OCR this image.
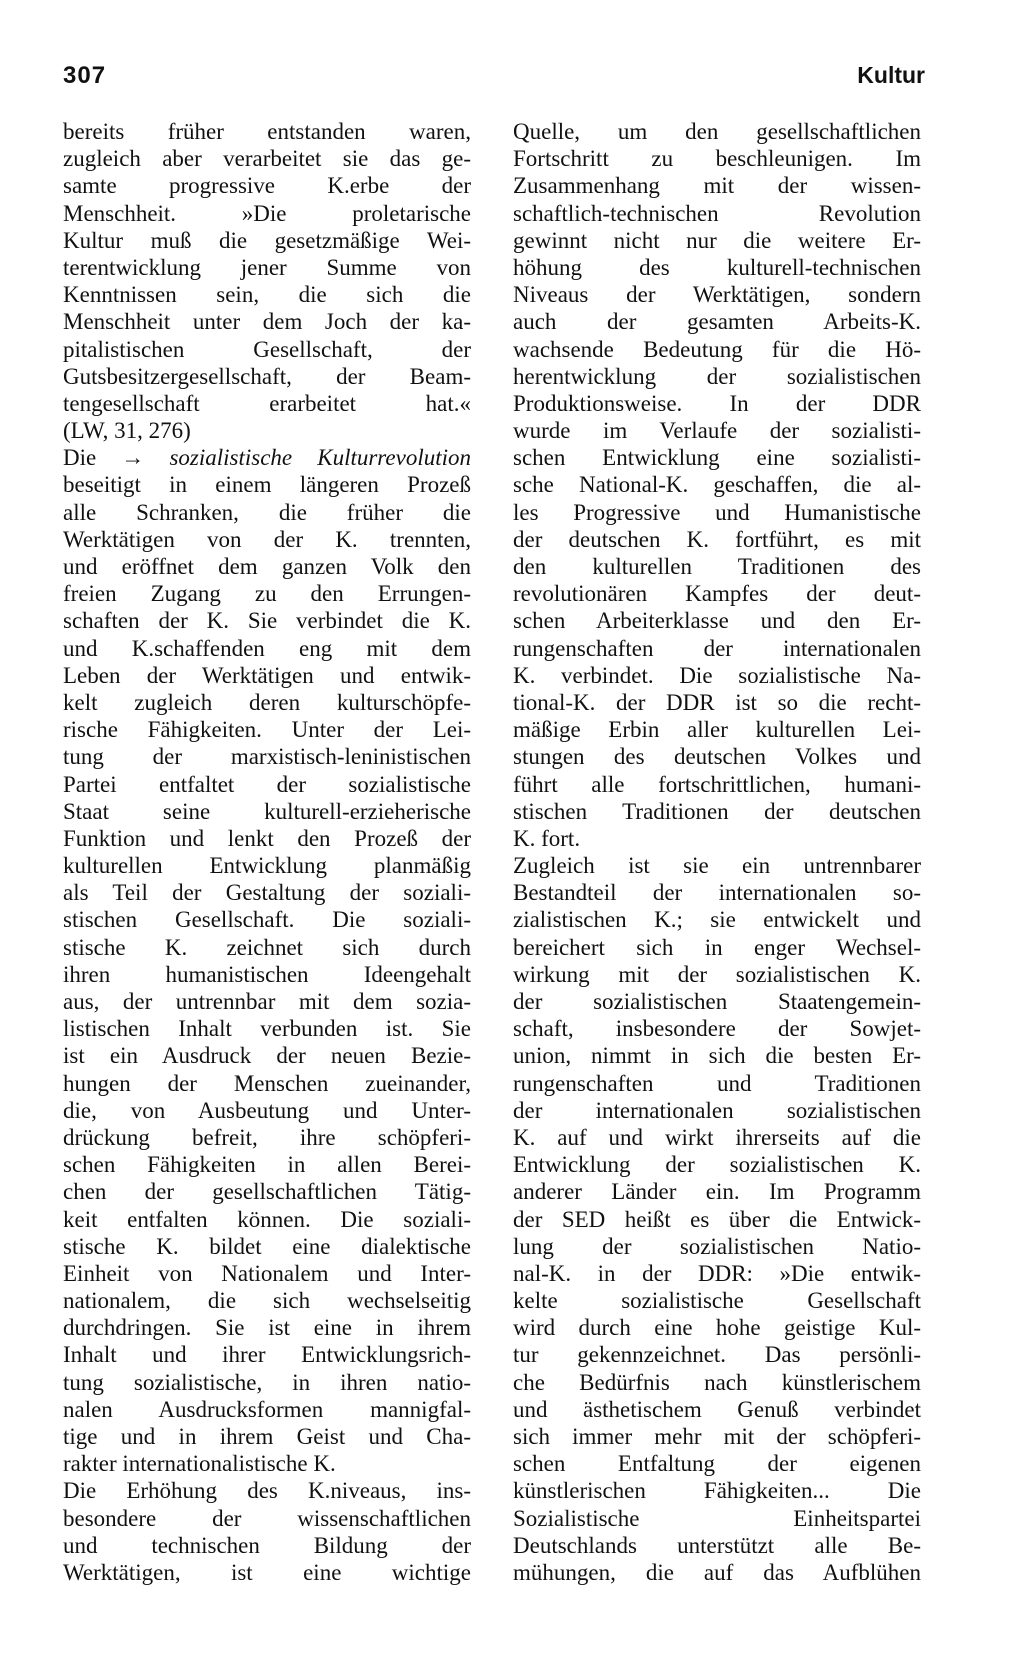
307	Kultur
bereits früher entstanden waren,
zugleich aber verarbeitet sie das ge-
samte progressive K.erbe der
Menschheit. »Die proletarische
Kultur muß die gesetzmäßige Wei-
terentwicklung jener Summe von
Kenntnissen sein, die sich die
Menschheit unter dem Joch der ka-
pitalistischen Gesellschaft, der
Gutsbesitzergesellschaft, der Beam-
tengesellschaft erarbeitet hat.«
(LW, 31, 276)
Die → sozialistische Kulturrevolution
beseitigt in einem längeren Prozeß
alle Schranken, die früher die
Werktätigen von der K. trennten,
und eröffnet dem ganzen Volk den
freien Zugang zu den Errungen-
schaften der K. Sie verbindet die K.
und K.schaffenden eng mit dem
Leben der Werktätigen und entwik-
kelt zugleich deren kulturschöpfe-
rische Fähigkeiten. Unter der Lei-
tung der marxistisch-leninistischen
Partei entfaltet der sozialistische
Staat seine kulturell-erzieherische
Funktion und lenkt den Prozeß der
kulturellen Entwicklung planmäßig
als Teil der Gestaltung der soziali-
stischen Gesellschaft. Die soziali-
stische K. zeichnet sich durch
ihren humanistischen Ideengehalt
aus, der untrennbar mit dem sozia-
listischen Inhalt verbunden ist. Sie
ist ein Ausdruck der neuen Bezie-
hungen der Menschen zueinander,
die, von Ausbeutung und Unter-
drückung befreit, ihre schöpferi-
schen Fähigkeiten in allen Berei-
chen der gesellschaftlichen Tätig-
keit entfalten können. Die soziali-
stische K. bildet eine dialektische
Einheit von Nationalem und Inter-
nationalem, die sich wechselseitig
durchdringen. Sie ist eine in ihrem
Inhalt und ihrer Entwicklungsrich-
tung sozialistische, in ihren natio-
nalen Ausdrucksformen mannigfal-
tige und in ihrem Geist und Cha-
rakter internationalistische K.
Die Erhöhung des K.niveaus, ins-
besondere der wissenschaftlichen
und technischen Bildung der
Werktätigen, ist eine wichtige
Quelle, um den gesellschaftlichen
Fortschritt zu beschleunigen. Im
Zusammenhang mit der wissen-
schaftlich-technischen Revolution
gewinnt nicht nur die weitere Er-
höhung des kulturell-technischen
Niveaus der Werktätigen, sondern
auch der gesamten Arbeits-K.
wachsende Bedeutung für die Hö-
herentwicklung der sozialistischen
Produktionsweise. In der DDR
wurde im Verlaufe der sozialisti-
schen Entwicklung eine sozialisti-
sche National-K. geschaffen, die al-
les Progressive und Humanistische
der deutschen K. fortführt, es mit
den kulturellen Traditionen des
revolutionären Kampfes der deut-
schen Arbeiterklasse und den Er-
rungenschaften der internationalen
K. verbindet. Die sozialistische Na-
tional-K. der DDR ist so die recht-
mäßige Erbin aller kulturellen Lei-
stungen des deutschen Volkes und
führt alle fortschrittlichen, humani-
stischen Traditionen der deutschen
K. fort.
Zugleich ist sie ein untrennbarer
Bestandteil der internationalen so-
zialistischen K.; sie entwickelt und
bereichert sich in enger Wechsel-
wirkung mit der sozialistischen K.
der sozialistischen Staatengemein-
schaft, insbesondere der Sowjet-
union, nimmt in sich die besten Er-
rungenschaften und Traditionen
der internationalen sozialistischen
K. auf und wirkt ihrerseits auf die
Entwicklung der sozialistischen K.
anderer Länder ein. Im Programm
der SED heißt es über die Entwick-
lung der sozialistischen Natio-
nal-K. in der DDR: »Die entwik-
kelte sozialistische Gesellschaft
wird durch eine hohe geistige Kul-
tur gekennzeichnet. Das persönli-
che Bedürfnis nach künstlerischem
und ästhetischem Genuß verbindet
sich immer mehr mit der schöpferi-
schen Entfaltung der eigenen
künstlerischen Fähigkeiten... Die
Sozialistische Einheitspartei
Deutschlands unterstützt alle Be-
mühungen, die auf das Aufblühen
